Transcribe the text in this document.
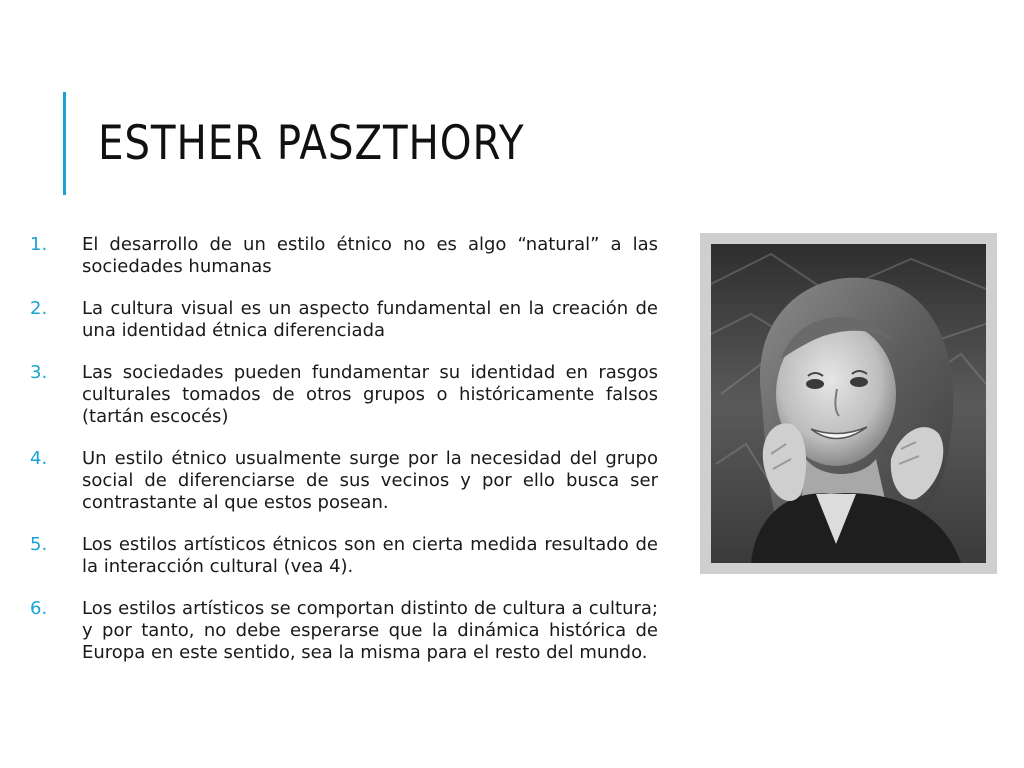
ESTHER PASZTHORY
1.	El desarrollo de un estilo étnico no es algo “natural” a las sociedades humanas
2.	La cultura visual es un aspecto fundamental en la creación de una identidad étnica diferenciada
3.	Las sociedades pueden fundamentar su identidad en rasgos culturales tomados de otros grupos o históricamente falsos (tartán escocés)
4.	Un estilo étnico usualmente surge por la necesidad del grupo social de diferenciarse de sus vecinos y por ello busca ser contrastante al que estos posean.
5.	Los estilos artísticos étnicos son en cierta medida resultado de la interacción cultural (vea 4).
6.	Los estilos artísticos se comportan distinto de cultura a cultura; y por tanto, no debe esperarse que la dinámica histórica de Europa en este sentido, sea la misma para el resto del mundo.
